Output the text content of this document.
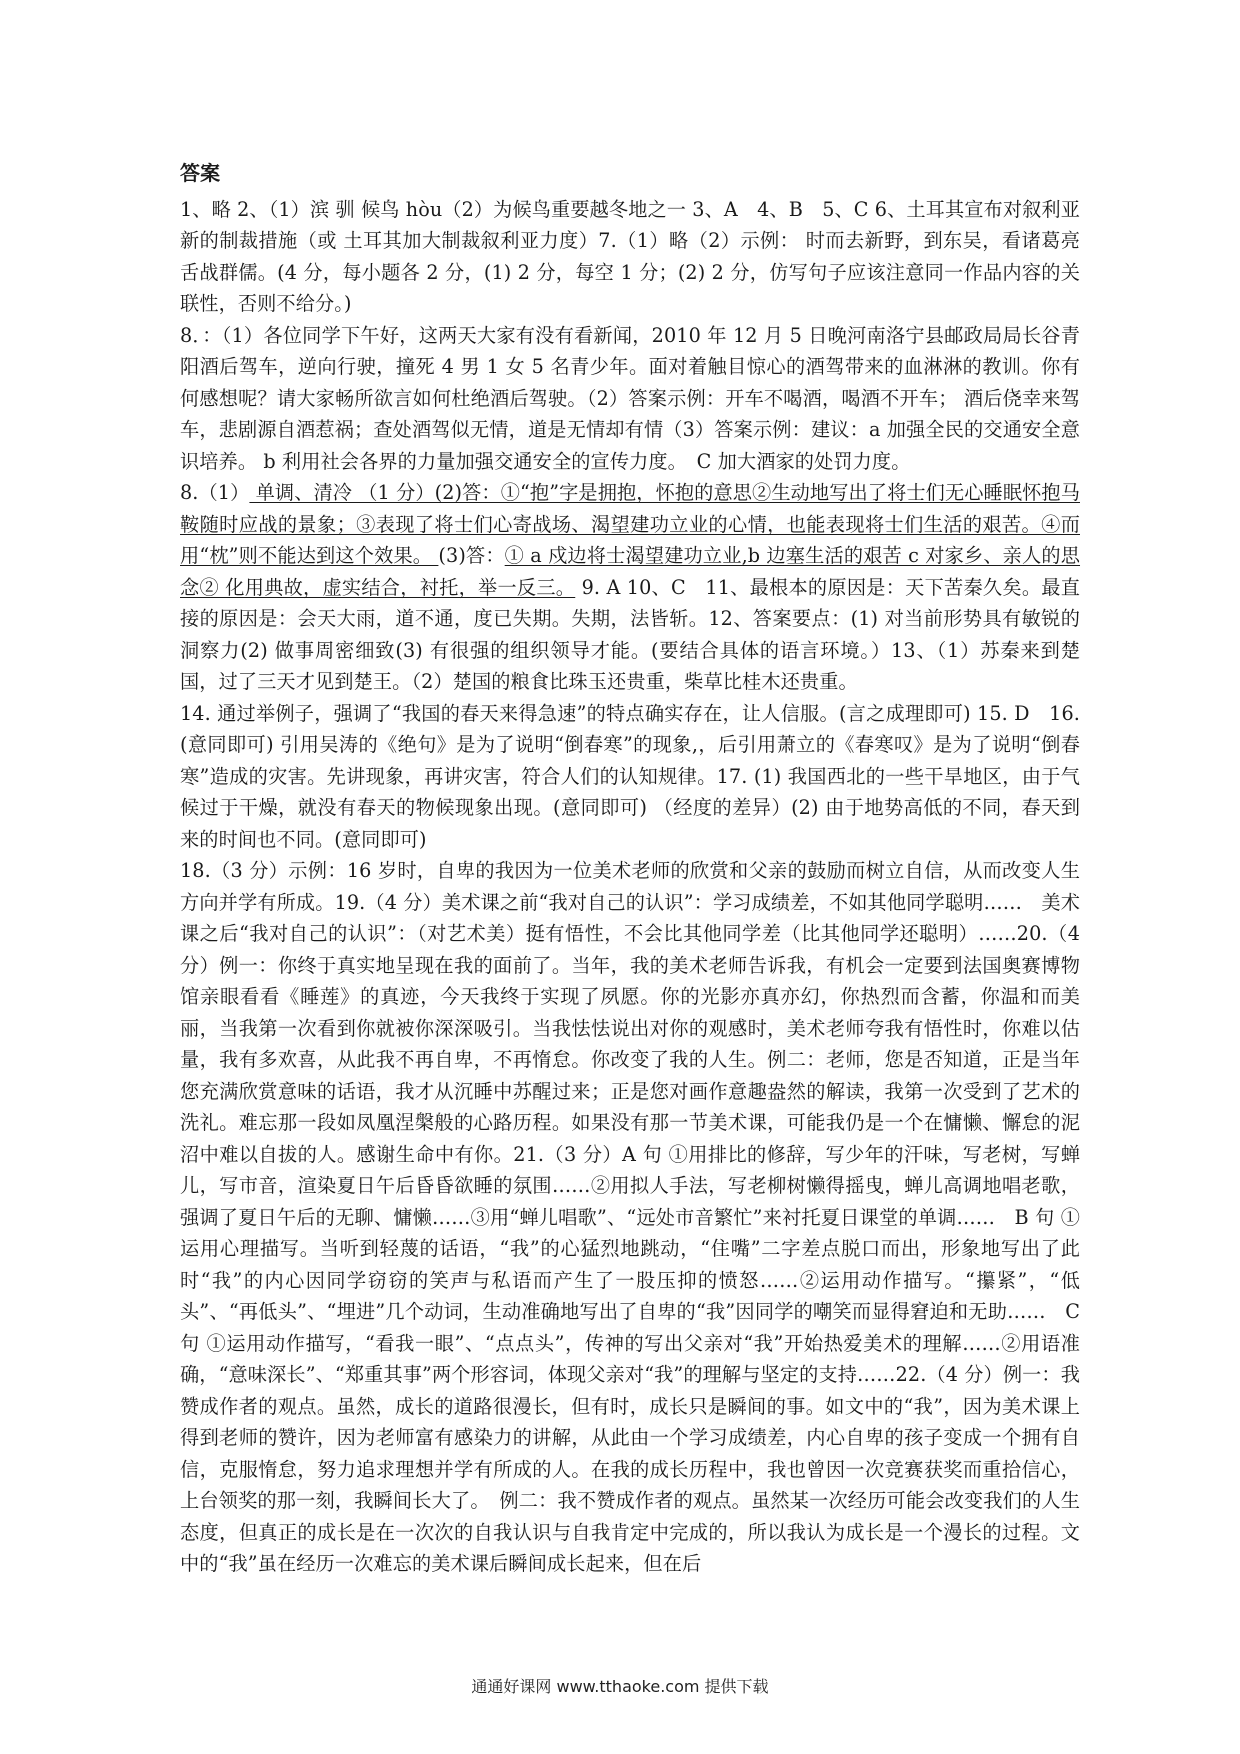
答案

1、略 2、（1）滨 驯 候鸟 hòu（2）为候鸟重要越冬地之一 3、A　4、B　5、C 6、土耳其宣布对叙利亚新的制裁措施（或 土耳其加大制裁叙利亚力度）7.（1）略（2）示例： 时而去新野，到东吴，看诸葛亮舌战群儒。(4 分，每小题各 2 分，(1) 2 分，每空 1 分；(2) 2 分，仿写句子应该注意同一作品内容的关联性，否则不给分。)

8．：（1）各位同学下午好，这两天大家有没有看新闻，2010 年 12 月 5 日晚河南洛宁县邮政局局长谷青阳酒后驾车，逆向行驶，撞死 4 男 1 女 5 名青少年。面对着触目惊心的酒驾带来的血淋淋的教训。你有何感想呢？请大家畅所欲言如何杜绝酒后驾驶。（2）答案示例：开车不喝酒，喝酒不开车； 酒后侥幸来驾车，悲剧源自酒惹祸；查处酒驾似无情，道是无情却有情（3）答案示例：建议：a 加强全民的交通安全意识培养。 b 利用社会各界的力量加强交通安全的宣传力度。　C 加大酒家的处罚力度。

8.（1） 单调、清冷 （1 分）(2)答：①“抱”字是拥抱，怀抱的意思②生动地写出了将士们无心睡眠怀抱马鞍随时应战的景象；③表现了将士们心寄战场、渴望建功立业的心情，也能表现将士们生活的艰苦。④而用“枕”则不能达到这个效果。 (3)答：① a 戍边将士渴望建功立业,b 边塞生活的艰苦 c 对家乡、亲人的思念② 化用典故，虚实结合，衬托，举一反三。 9. A 10、C　11、最根本的原因是：天下苦秦久矣。最直接的原因是：会天大雨，道不通，度已失期。失期，法皆斩。12、答案要点：(1) 对当前形势具有敏锐的洞察力(2) 做事周密细致(3) 有很强的组织领导才能。(要结合具体的语言环境。）13、（1）苏秦来到楚国，过了三天才见到楚王。（2）楚国的粮食比珠玉还贵重，柴草比桂木还贵重。

14. 通过举例子，强调了“我国的春天来得急速”的特点确实存在，让人信服。(言之成理即可) 15. D　16. (意同即可) 引用吴涛的《绝句》是为了说明“倒春寒”的现象,，后引用萧立的《春寒叹》是为了说明“倒春寒”造成的灾害。先讲现象，再讲灾害，符合人们的认知规律。17. (1) 我国西北的一些干旱地区，由于气候过于干燥，就没有春天的物候现象出现。(意同即可) （经度的差异）(2) 由于地势高低的不同，春天到来的时间也不同。(意同即可)

18.（3 分）示例：16 岁时，自卑的我因为一位美术老师的欣赏和父亲的鼓励而树立自信，从而改变人生方向并学有所成。19.（4 分）美术课之前“我对自己的认识”：学习成绩差，不如其他同学聪明……　美术课之后“我对自己的认识”：（对艺术美）挺有悟性，不会比其他同学差（比其他同学还聪明）……20.（4 分）例一：你终于真实地呈现在我的面前了。当年，我的美术老师告诉我，有机会一定要到法国奥赛博物馆亲眼看看《睡莲》的真迹，今天我终于实现了夙愿。你的光影亦真亦幻，你热烈而含蓄，你温和而美丽，当我第一次看到你就被你深深吸引。当我怯怯说出对你的观感时，美术老师夸我有悟性时，你难以估量，我有多欢喜，从此我不再自卑，不再惰怠。你改变了我的人生。例二：老师，您是否知道，正是当年您充满欣赏意味的话语，我才从沉睡中苏醒过来；正是您对画作意趣盎然的解读，我第一次受到了艺术的洗礼。难忘那一段如凤凰涅槃般的心路历程。如果没有那一节美术课，可能我仍是一个在慵懒、懈怠的泥沼中难以自拔的人。感谢生命中有你。21.（3 分）A 句 ①用排比的修辞，写少年的汗味，写老树，写蝉儿，写市音，渲染夏日午后昏昏欲睡的氛围……②用拟人手法，写老柳树懒得摇曳，蝉儿高调地唱老歌，强调了夏日午后的无聊、慵懒……③用“蝉儿唱歌”、“远处市音繁忙”来衬托夏日课堂的单调……　B 句 ①运用心理描写。当听到轻蔑的话语，“我”的心猛烈地跳动，“住嘴”二字差点脱口而出，形象地写出了此时“我”的内心因同学窃窃的笑声与私语而产生了一股压抑的愤怒……②运用动作描写。“攥紧”，“低头”、“再低头”、“埋进”几个动词，生动准确地写出了自卑的“我”因同学的嘲笑而显得窘迫和无助……　C 句 ①运用动作描写，“看我一眼”、“点点头”，传神的写出父亲对“我”开始热爱美术的理解……②用语准确，“意味深长”、“郑重其事”两个形容词，体现父亲对“我”的理解与坚定的支持……22.（4 分）例一：我赞成作者的观点。虽然，成长的道路很漫长，但有时，成长只是瞬间的事。如文中的“我”，因为美术课上得到老师的赞许，因为老师富有感染力的讲解，从此由一个学习成绩差，内心自卑的孩子变成一个拥有自信，克服惰怠，努力追求理想并学有所成的人。在我的成长历程中，我也曾因一次竞赛获奖而重拾信心，上台领奖的那一刻，我瞬间长大了。　例二：我不赞成作者的观点。虽然某一次经历可能会改变我们的人生态度，但真正的成长是在一次次的自我认识与自我肯定中完成的，所以我认为成长是一个漫长的过程。文中的“我”虽在经历一次难忘的美术课后瞬间成长起来，但在后

通通好课网 www.tthaoke.com 提供下载
